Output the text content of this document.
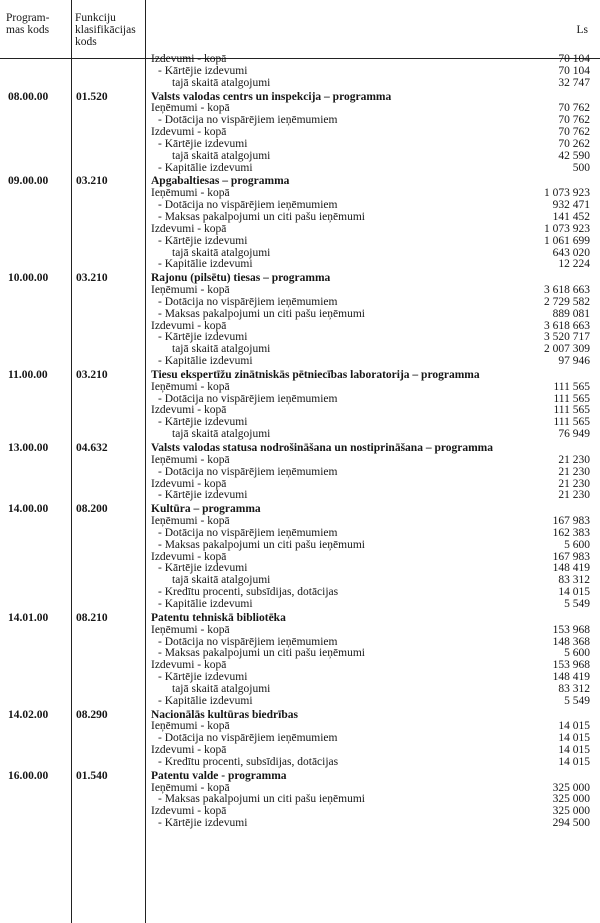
Program- mas kods
Funkciju klasifikācijas kods
Ls
Izdevumi - kopā	70 104
- Kārtējie izdevumi	70 104
tajā skaitā atalgojumi	32 747
08.00.00 01.520	Valsts valodas centrs un inspekcija – programma
Ieņēmumi - kopā	70 762
- Dotācija no vispārējiem ieņēmumiem	70 762
Izdevumi - kopā	70 762
- Kārtējie izdevumi	70 262
tajā skaitā atalgojumi	42 590
- Kapitālie izdevumi	500
09.00.00 03.210	Apgabaltiesas – programma
Ieņēmumi - kopā	1 073 923
- Dotācija no vispārējiem ieņēmumiem	932 471
- Maksas pakalpojumi un citi pašu ieņēmumi	141 452
Izdevumi - kopā	1 073 923
- Kārtējie izdevumi	1 061 699
tajā skaitā atalgojumi	643 020
- Kapitālie izdevumi	12 224
10.00.00 03.210	Rajonu (pilsētu) tiesas – programma
Ieņēmumi - kopā	3 618 663
- Dotācija no vispārējiem ieņēmumiem	2 729 582
- Maksas pakalpojumi un citi pašu ieņēmumi	889 081
Izdevumi - kopā	3 618 663
- Kārtējie izdevumi	3 520 717
tajā skaitā atalgojumi	2 007 309
- Kapitālie izdevumi	97 946
11.00.00 03.210	Tiesu ekspertīžu zinātniskās pētniecības laboratorija – programma
Ieņēmumi - kopā	111 565
- Dotācija no vispārējiem ieņēmumiem	111 565
Izdevumi - kopā	111 565
- Kārtējie izdevumi	111 565
tajā skaitā atalgojumi	76 949
13.00.00 04.632	Valsts valodas statusa nodrošināšana un nostiprināšana – programma
Ieņēmumi - kopā	21 230
- Dotācija no vispārējiem ieņēmumiem	21 230
Izdevumi - kopā	21 230
- Kārtējie izdevumi	21 230
14.00.00 08.200	Kultūra – programma
Ieņēmumi - kopā	167 983
- Dotācija no vispārējiem ieņēmumiem	162 383
- Maksas pakalpojumi un citi pašu ieņēmumi	5 600
Izdevumi - kopā	167 983
- Kārtējie izdevumi	148 419
tajā skaitā atalgojumi	83 312
- Kredītu procenti, subsīdijas, dotācijas	14 015
- Kapitālie izdevumi	5 549
14.01.00 08.210	Patentu tehniskā bibliotēka
Ieņēmumi - kopā	153 968
- Dotācija no vispārējiem ieņēmumiem	148 368
- Maksas pakalpojumi un citi pašu ieņēmumi	5 600
Izdevumi - kopā	153 968
- Kārtējie izdevumi	148 419
tajā skaitā atalgojumi	83 312
- Kapitālie izdevumi	5 549
14.02.00 08.290	Nacionālās kultūras biedrības
Ieņēmumi - kopā	14 015
- Dotācija no vispārējiem ieņēmumiem	14 015
Izdevumi - kopā	14 015
- Kredītu procenti, subsīdijas, dotācijas	14 015
16.00.00 01.540	Patentu valde - programma
Ieņēmumi - kopā	325 000
- Maksas pakalpojumi un citi pašu ieņēmumi	325 000
Izdevumi - kopā	325 000
- Kārtējie izdevumi	294 500
